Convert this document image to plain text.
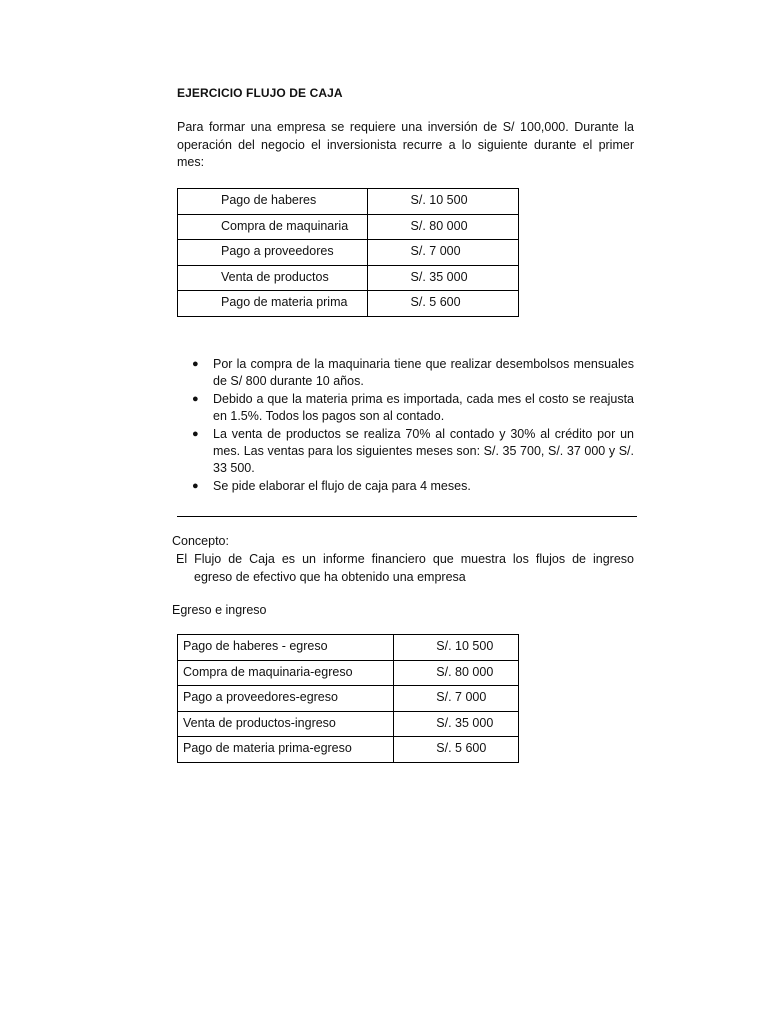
EJERCICIO FLUJO DE CAJA
Para formar una empresa se requiere una inversión de S/ 100,000. Durante la operación del negocio el inversionista recurre a lo siguiente durante el primer mes:
Pago de haberes	S/. 10 500
Compra de maquinaria	S/. 80 000
Pago a proveedores	S/. 7 000
Venta de productos	S/. 35 000
Pago de materia prima	S/. 5 600
● Por la compra de la maquinaria tiene que realizar desembolsos mensuales de S/ 800 durante 10 años.
● Debido a que la materia prima es importada, cada mes el costo se reajusta en 1.5%. Todos los pagos son al contado.
● La venta de productos se realiza 70% al contado y 30% al crédito por un mes. Las ventas para los siguientes meses son: S/. 35 700, S/. 37 000 y S/. 33 500.
● Se pide elaborar el flujo de caja para 4 meses.
Concepto:
El Flujo de Caja es un informe financiero que muestra los flujos de ingreso
egreso de efectivo que ha obtenido una empresa
Egreso e ingreso
Pago de haberes - egreso	S/. 10 500
Compra de maquinaria-egreso	S/. 80 000
Pago a proveedores-egreso	S/. 7 000
Venta de productos-ingreso	S/. 35 000
Pago de materia prima-egreso	S/. 5 600
